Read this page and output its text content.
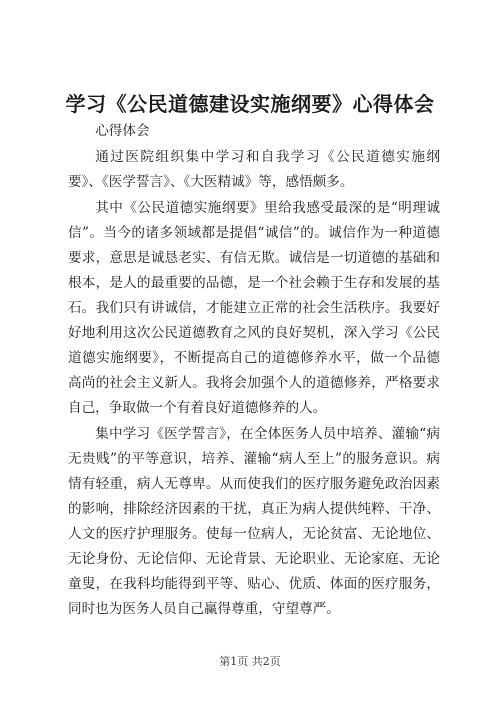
学习《公民道德建设实施纲要》心得体会

心得体会

通过医院组织集中学习和自我学习《公民道德实施纲要》、《医学誓言》、《大医精诚》等，感悟颇多。

其中《公民道德实施纲要》里给我感受最深的是“明理诚信”。当今的诸多领域都是提倡“诚信”的。诚信作为一种道德要求，意思是诚恳老实、有信无欺。诚信是一切道德的基础和根本，是人的最重要的品德，是一个社会赖于生存和发展的基石。我们只有讲诚信，才能建立正常的社会生活秩序。我要好好地利用这次公民道德教育之风的良好契机，深入学习《公民道德实施纲要》，不断提高自己的道德修养水平，做一个品德高尚的社会主义新人。我将会加强个人的道德修养，严格要求自己，争取做一个有着良好道德修养的人。

集中学习《医学誓言》，在全体医务人员中培养、灌输“病无贵贱”的平等意识，培养、灌输“病人至上”的服务意识。病情有轻重，病人无尊卑。从而使我们的医疗服务避免政治因素的影响，排除经济因素的干扰，真正为病人提供纯粹、干净、人文的医疗护理服务。使每一位病人，无论贫富、无论地位、无论身份、无论信仰、无论背景、无论职业、无论家庭、无论童叟，在我科均能得到平等、贴心、优质、体面的医疗服务，同时也为医务人员自己赢得尊重，守望尊严。

第1页 共2页
